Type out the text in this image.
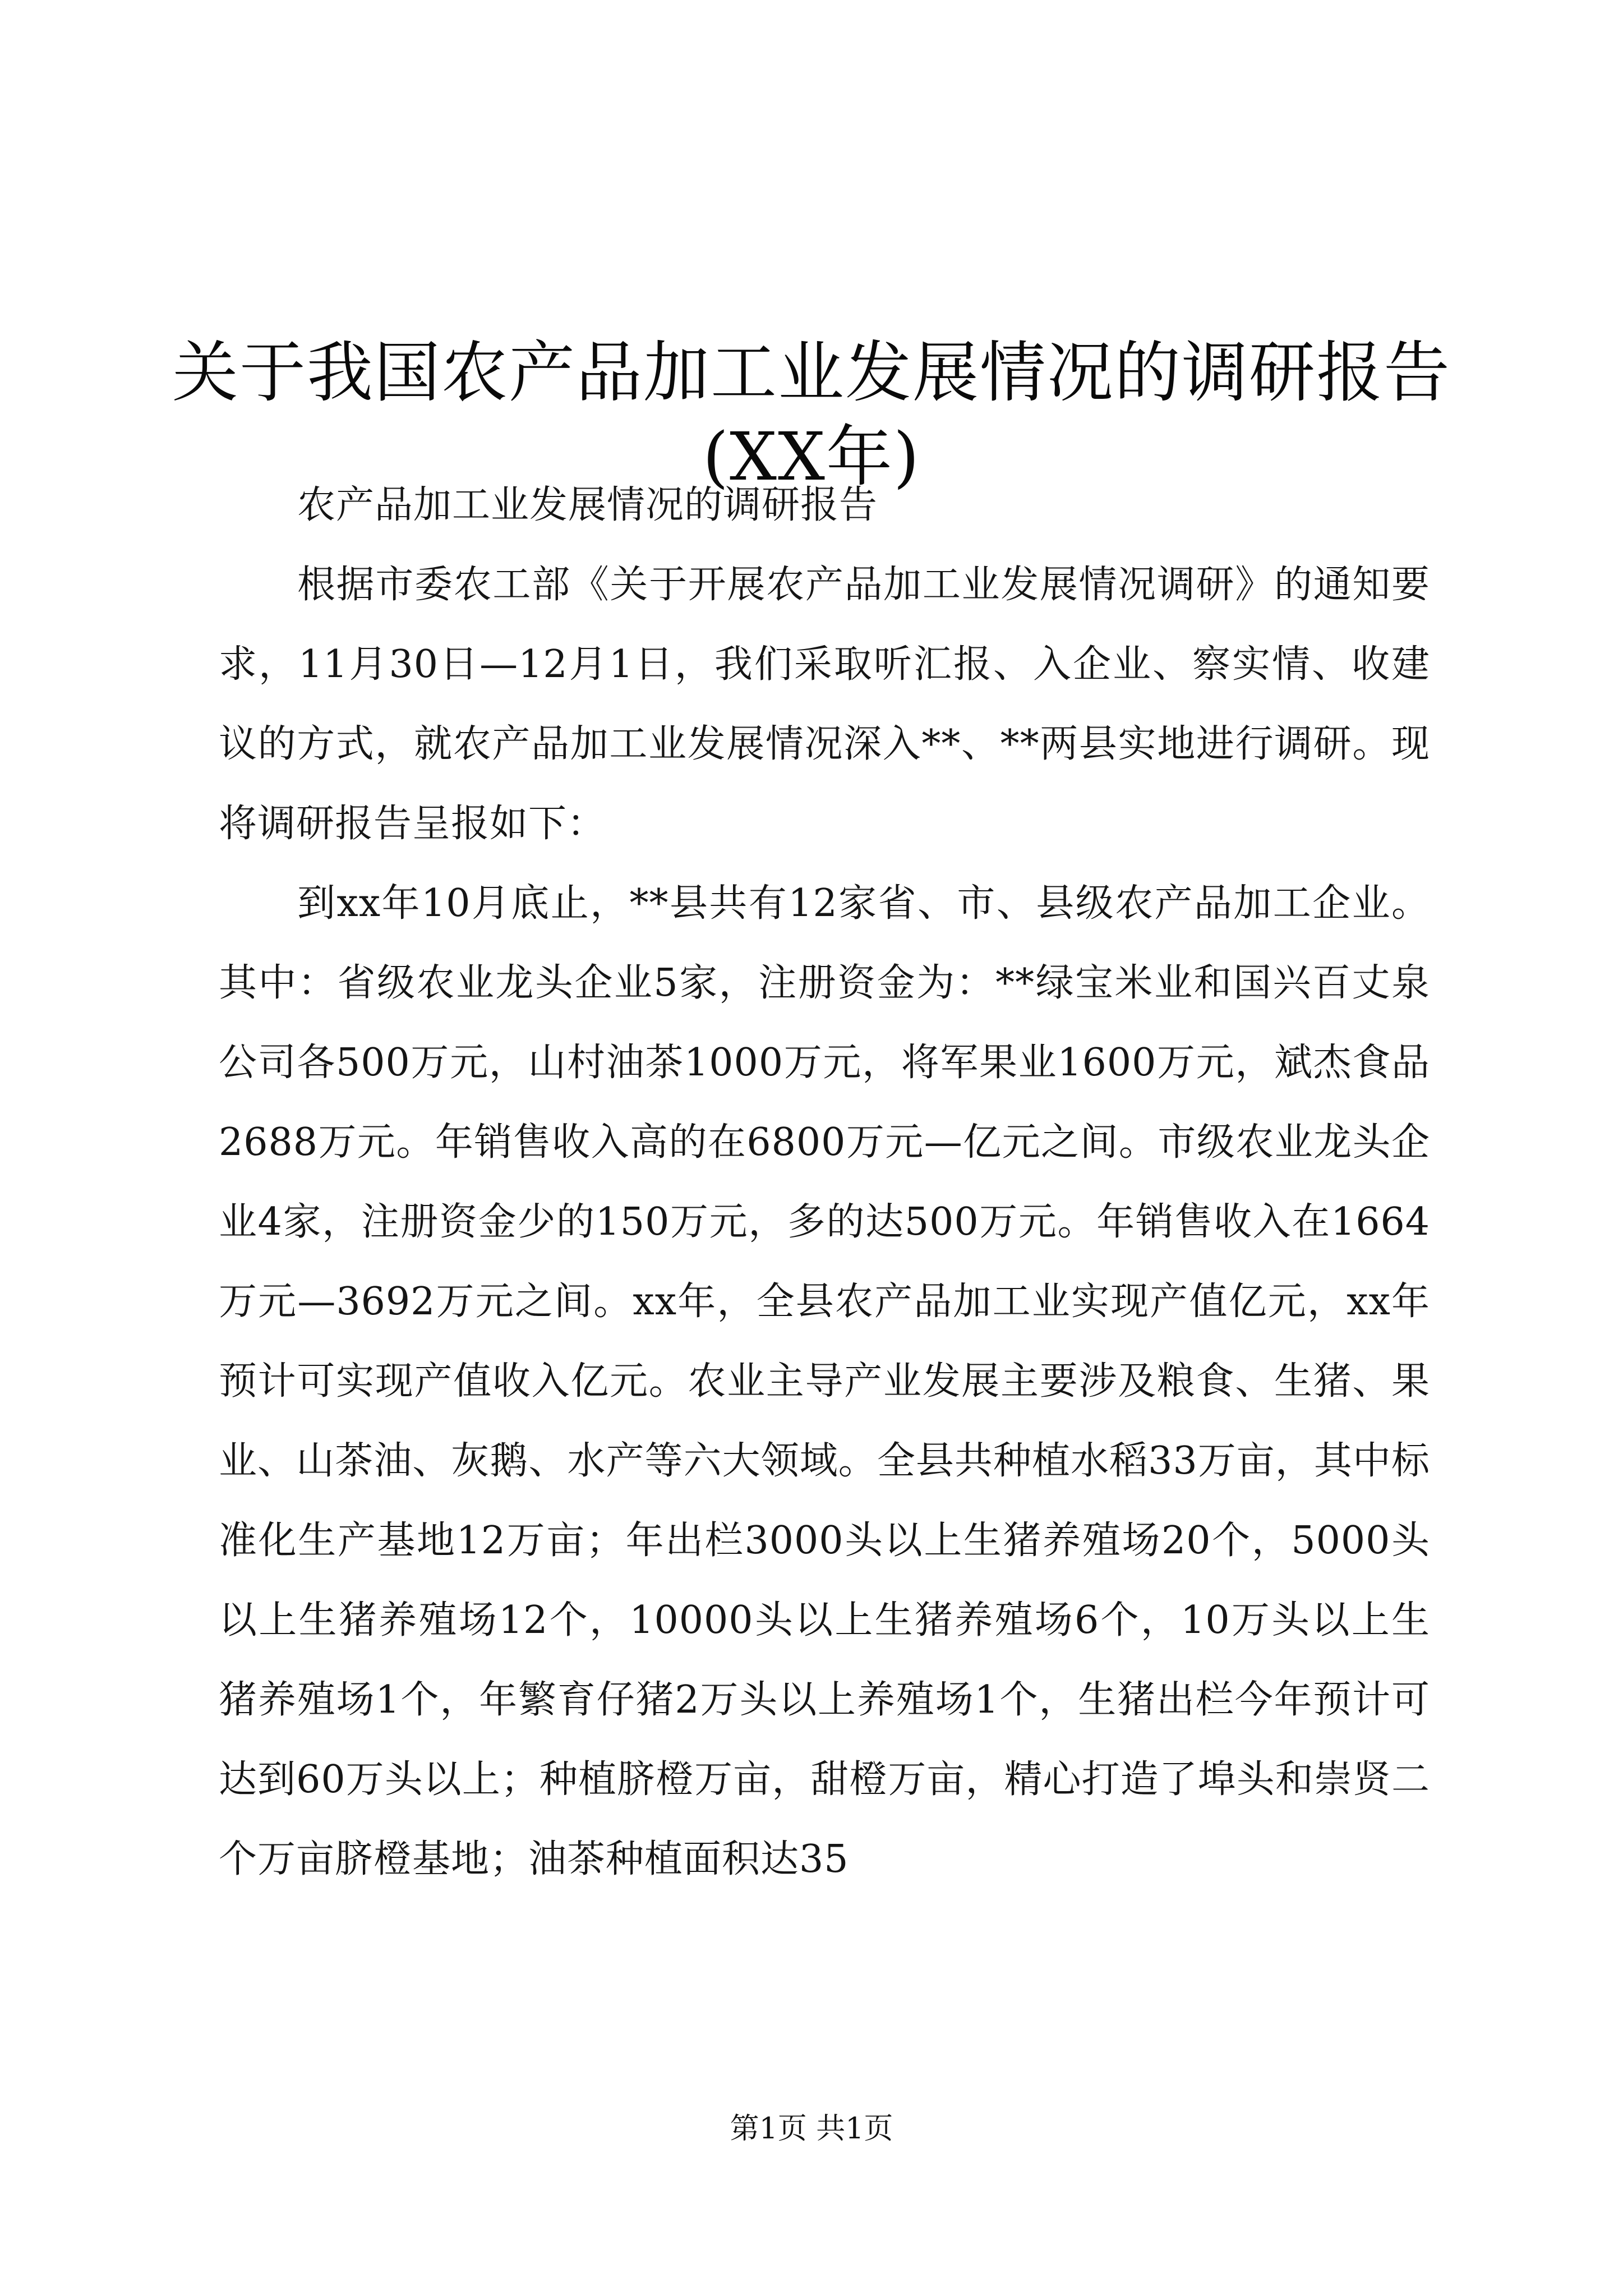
关于我国农产品加工业发展情况的调研报告
(XX年)

农产品加工业发展情况的调研报告

根据市委农工部《关于开展农产品加工业发展情况调研》的通知要求，11月30日—12月1日，我们采取听汇报、入企业、察实情、收建议的方式，就农产品加工业发展情况深入**、**两县实地进行调研。现将调研报告呈报如下：

到xx年10月底止，**县共有12家省、市、县级农产品加工企业。其中：省级农业龙头企业5家，注册资金为：**绿宝米业和国兴百丈泉公司各500万元，山村油茶1000万元，将军果业1600万元，斌杰食品2688万元。年销售收入高的在6800万元—亿元之间。市级农业龙头企业4家，注册资金少的150万元，多的达500万元。年销售收入在1664万元—3692万元之间。xx年，全县农产品加工业实现产值亿元，xx年预计可实现产值收入亿元。农业主导产业发展主要涉及粮食、生猪、果业、山茶油、灰鹅、水产等六大领域。全县共种植水稻33万亩，其中标准化生产基地12万亩；年出栏3000头以上生猪养殖场20个，5000头以上生猪养殖场12个，10000头以上生猪养殖场6个，10万头以上生猪养殖场1个，年繁育仔猪2万头以上养殖场1个，生猪出栏今年预计可达到60万头以上；种植脐橙万亩，甜橙万亩，精心打造了埠头和崇贤二个万亩脐橙基地；油茶种植面积达35

第1页 共1页
